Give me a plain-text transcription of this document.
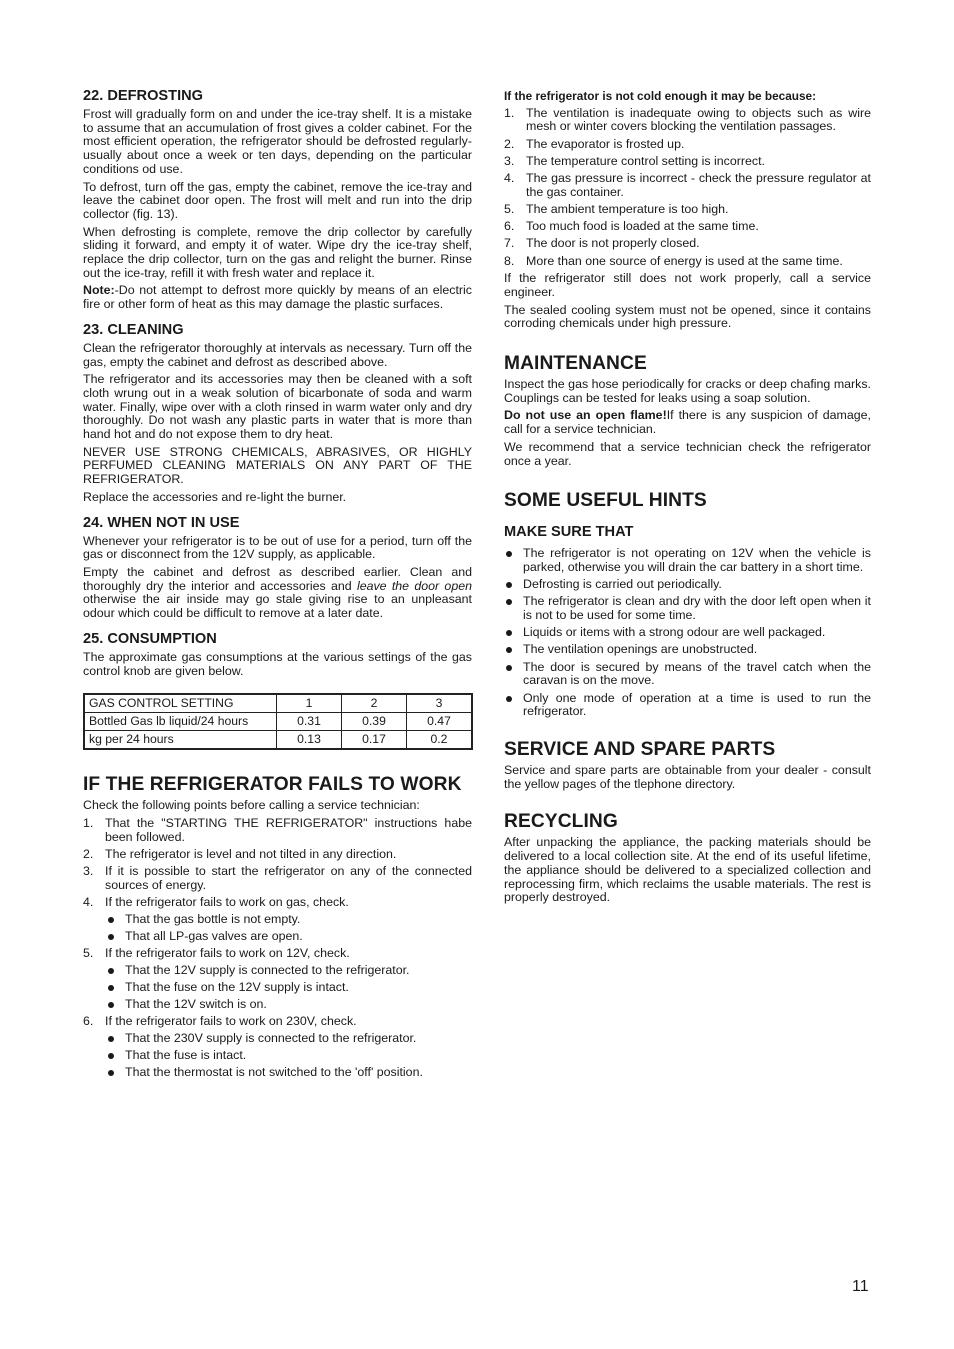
22. DEFROSTING

Frost will gradually form on and under the ice-tray shelf. It is a mistake to assume that an accumulation of frost gives a colder cabinet. For the most efficient operation, the refrigerator should be defrosted regularly-usually about once a week or ten days, depending on the particular conditions od use.

To defrost, turn off the gas, empty the cabinet, remove the ice-tray and leave the cabinet door open. The frost will melt and run into the drip collector (fig. 13).

When defrosting is complete, remove the drip collector by carefully sliding it forward, and empty it of water. Wipe dry the ice-tray shelf, replace the drip collector, turn on the gas and relight the burner. Rinse out the ice-tray, refill it with fresh water and replace it.

Note:-Do not attempt to defrost more quickly by means of an electric fire or other form of heat as this may damage the plastic surfaces.

23. CLEANING

Clean the refrigerator thoroughly at intervals as necessary. Turn off the gas, empty the cabinet and defrost as described above.

The refrigerator and its accessories may then be cleaned with a soft cloth wrung out in a weak solution of bicarbonate of soda and warm water. Finally, wipe over with a cloth rinsed in warm water only and dry thoroughly. Do not wash any plastic parts in water that is more than hand hot and do not expose them to dry heat.

NEVER USE STRONG CHEMICALS, ABRASIVES, OR HIGHLY PERFUMED CLEANING MATERIALS ON ANY PART OF THE REFRIGERATOR.

Replace the accessories and re-light the burner.

24. WHEN NOT IN USE

Whenever your refrigerator is to be out of use for a period, turn off the gas or disconnect from the 12V supply, as applicable.

Empty the cabinet and defrost as described earlier. Clean and thoroughly dry the interior and accessories and leave the door open otherwise the air inside may go stale giving rise to an unpleasant odour which could be difficult to remove at a later date.

25. CONSUMPTION

The approximate gas consumptions at the various settings of the gas control knob are given below.

GAS CONTROL SETTING	1	2	3
Bottled Gas lb liquid/24 hours	0.31	0.39	0.47
kg per 24 hours	0.13	0.17	0.2
IF THE REFRIGERATOR FAILS TO WORK

Check the following points before calling a service technician:

1. That the "STARTING THE REFRIGERATOR" instructions habe been followed.
2. The refrigerator is level and not tilted in any direction.
3. If it is possible to start the refrigerator on any of the connected sources of energy.
4. If the refrigerator fails to work on gas, check.
That the gas bottle is not empty.
That all LP-gas valves are open.
5. If the refrigerator fails to work on 12V, check.
That the 12V supply is connected to the refrigerator.
That the fuse on the 12V supply is intact.
That the 12V switch is on.
6. If the refrigerator fails to work on 230V, check.
That the 230V supply is connected to the refrigerator.
That the fuse is intact.
That the thermostat is not switched to the 'off' position.

If the refrigerator is not cold enough it may be because:

1. The ventilation is inadequate owing to objects such as wire mesh or winter covers blocking the ventilation passages.
2. The evaporator is frosted up.
3. The temperature control setting is incorrect.
4. The gas pressure is incorrect - check the pressure regulator at the gas container.
5. The ambient temperature is too high.
6. Too much food is loaded at the same time.
7. The door is not properly closed.
8. More than one source of energy is used at the same time.

If the refrigerator still does not work properly, call a service engineer.

The sealed cooling system must not be opened, since it contains corroding chemicals under high pressure.

MAINTENANCE

Inspect the gas hose periodically for cracks or deep chafing marks. Couplings can be tested for leaks using a soap solution.

Do not use an open flame!If there is any suspicion of damage, call for a service technician.

We recommend that a service technician check the refrigerator once a year.

SOME USEFUL HINTS
MAKE SURE THAT
The refrigerator is not operating on 12V when the vehicle is parked, otherwise you will drain the car battery in a short time.
Defrosting is carried out periodically.
The refrigerator is clean and dry with the door left open when it is not to be used for some time.
Liquids or items with a strong odour are well packaged.
The ventilation openings are unobstructed.
The door is secured by means of the travel catch when the caravan is on the move.
Only one mode of operation at a time is used to run the refrigerator.
SERVICE AND SPARE PARTS

Service and spare parts are obtainable from your dealer - consult the yellow pages of the tlephone directory.

RECYCLING

After unpacking the appliance, the packing materials should be delivered to a local collection site. At the end of its useful lifetime, the appliance should be delivered to a specialized collection and reprocessing firm, which reclaims the usable materials. The rest is properly destroyed.

11
